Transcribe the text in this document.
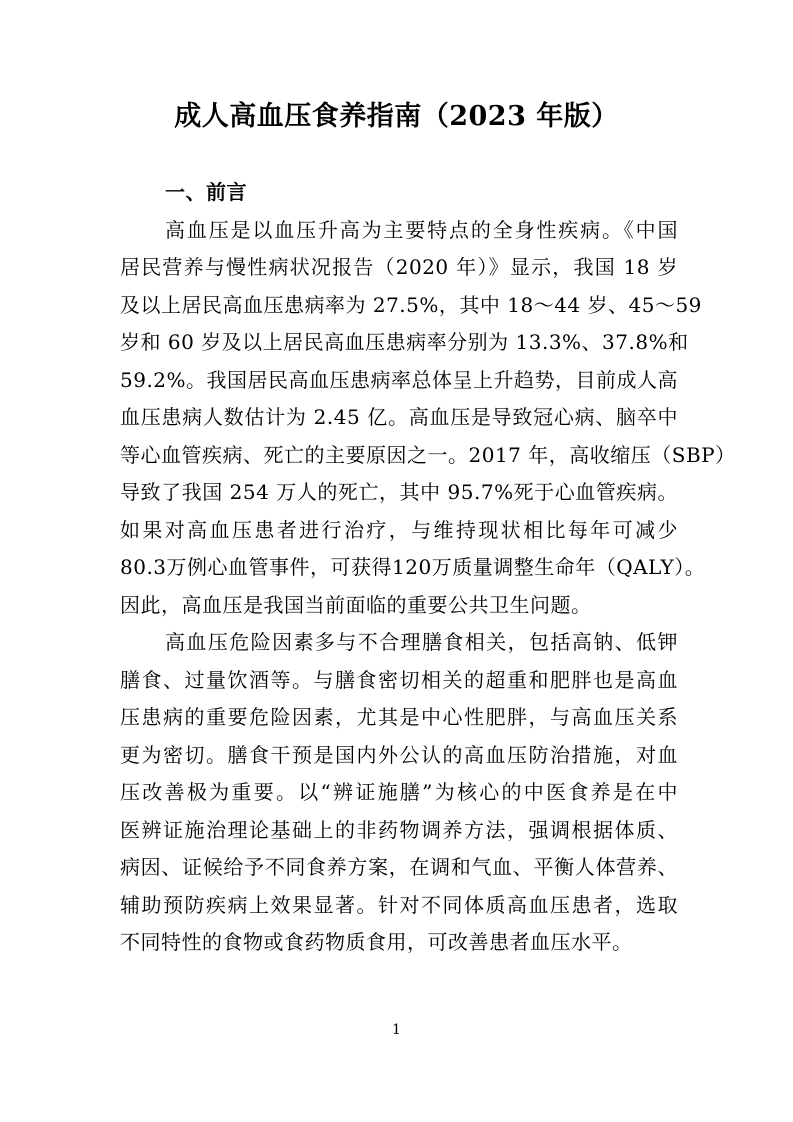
成人高血压食养指南（2023 年版）
一、前言
高血压是以血压升高为主要特点的全身性疾病。《中国
居民营养与慢性病状况报告（2020 年）》显示，我国 18 岁
及以上居民高血压患病率为 27.5%，其中 18～44 岁、45～59
岁和 60 岁及以上居民高血压患病率分别为 13.3%、37.8%和
59.2%。我国居民高血压患病率总体呈上升趋势，目前成人高
血压患病人数估计为 2.45 亿。高血压是导致冠心病、脑卒中
等心血管疾病、死亡的主要原因之一。2017 年，高收缩压（SBP）
导致了我国 254 万人的死亡，其中 95.7%死于心血管疾病。
如果对高血压患者进行治疗，与维持现状相比每年可减少
80.3万例心血管事件，可获得120万质量调整生命年（QALY）。
因此，高血压是我国当前面临的重要公共卫生问题。
高血压危险因素多与不合理膳食相关，包括高钠、低钾
膳食、过量饮酒等。与膳食密切相关的超重和肥胖也是高血
压患病的重要危险因素，尤其是中心性肥胖，与高血压关系
更为密切。膳食干预是国内外公认的高血压防治措施，对血
压改善极为重要。以“辨证施膳”为核心的中医食养是在中
医辨证施治理论基础上的非药物调养方法，强调根据体质、
病因、证候给予不同食养方案，在调和气血、平衡人体营养、
辅助预防疾病上效果显著。针对不同体质高血压患者，选取
不同特性的食物或食药物质食用，可改善患者血压水平。
1
